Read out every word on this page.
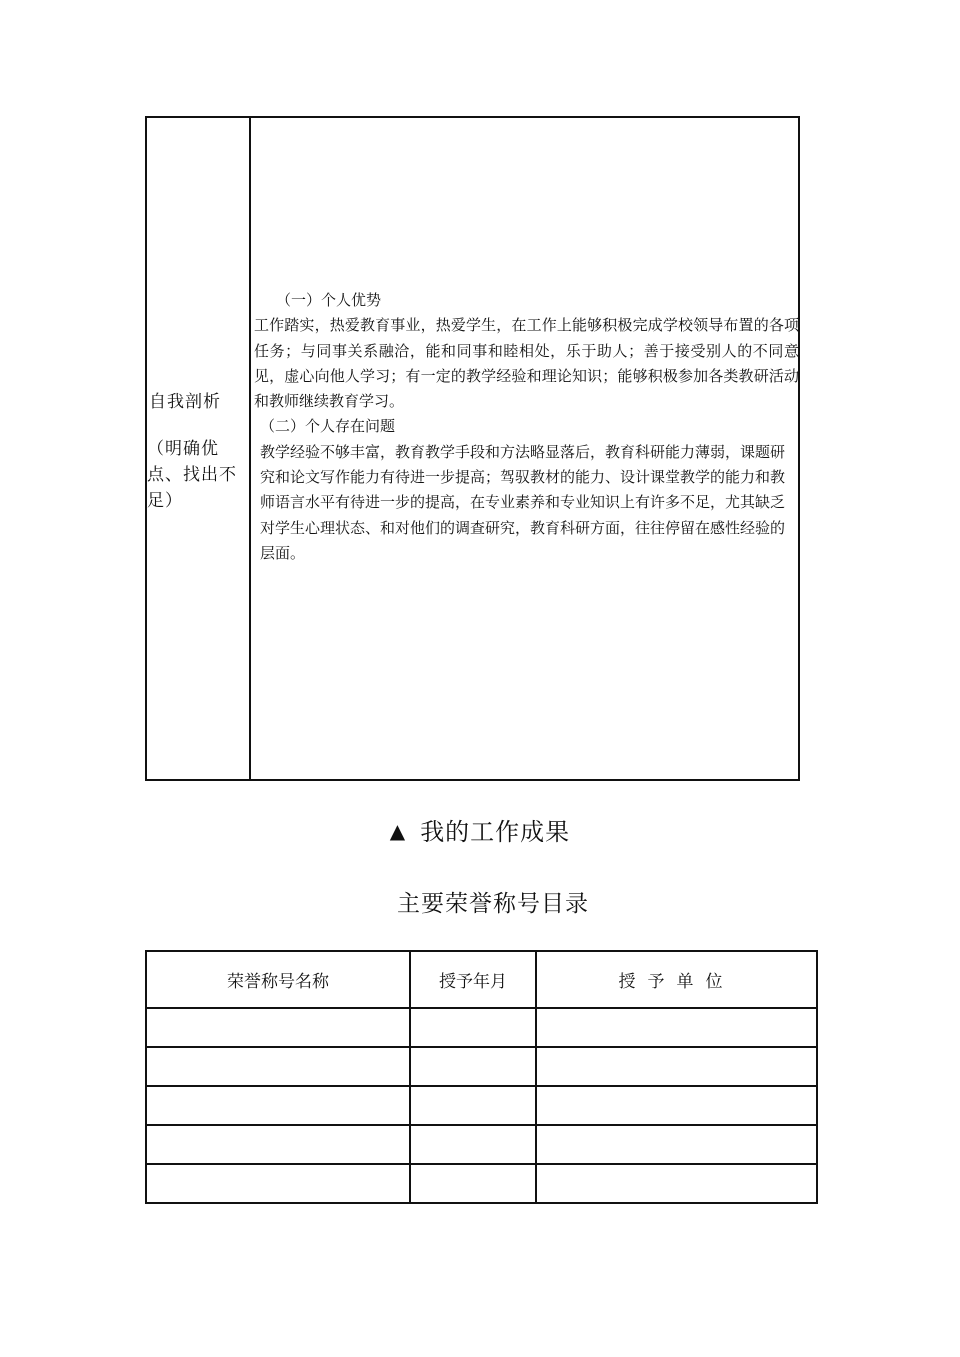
自我剖析
（明确优点、找出不足）
（一）个人优势
工作踏实，热爱教育事业，热爱学生，在工作上能够积极完成学校领导布置的各项任务；与同事关系融洽，能和同事和睦相处，乐于助人；善于接受别人的不同意见，虚心向他人学习；有一定的教学经验和理论知识；能够积极参加各类教研活动和教师继续教育学习。
（二）个人存在问题
教学经验不够丰富，教育教学手段和方法略显落后，教育科研能力薄弱，课题研究和论文写作能力有待进一步提高；驾驭教材的能力、设计课堂教学的能力和教师语言水平有待进一步的提高，在专业素养和专业知识上有许多不足，尤其缺乏对学生心理状态、和对他们的调查研究，教育科研方面，往往停留在感性经验的层面。
▲ 我的工作成果
主要荣誉称号目录
荣誉称号名称	授予年月	授予单位
